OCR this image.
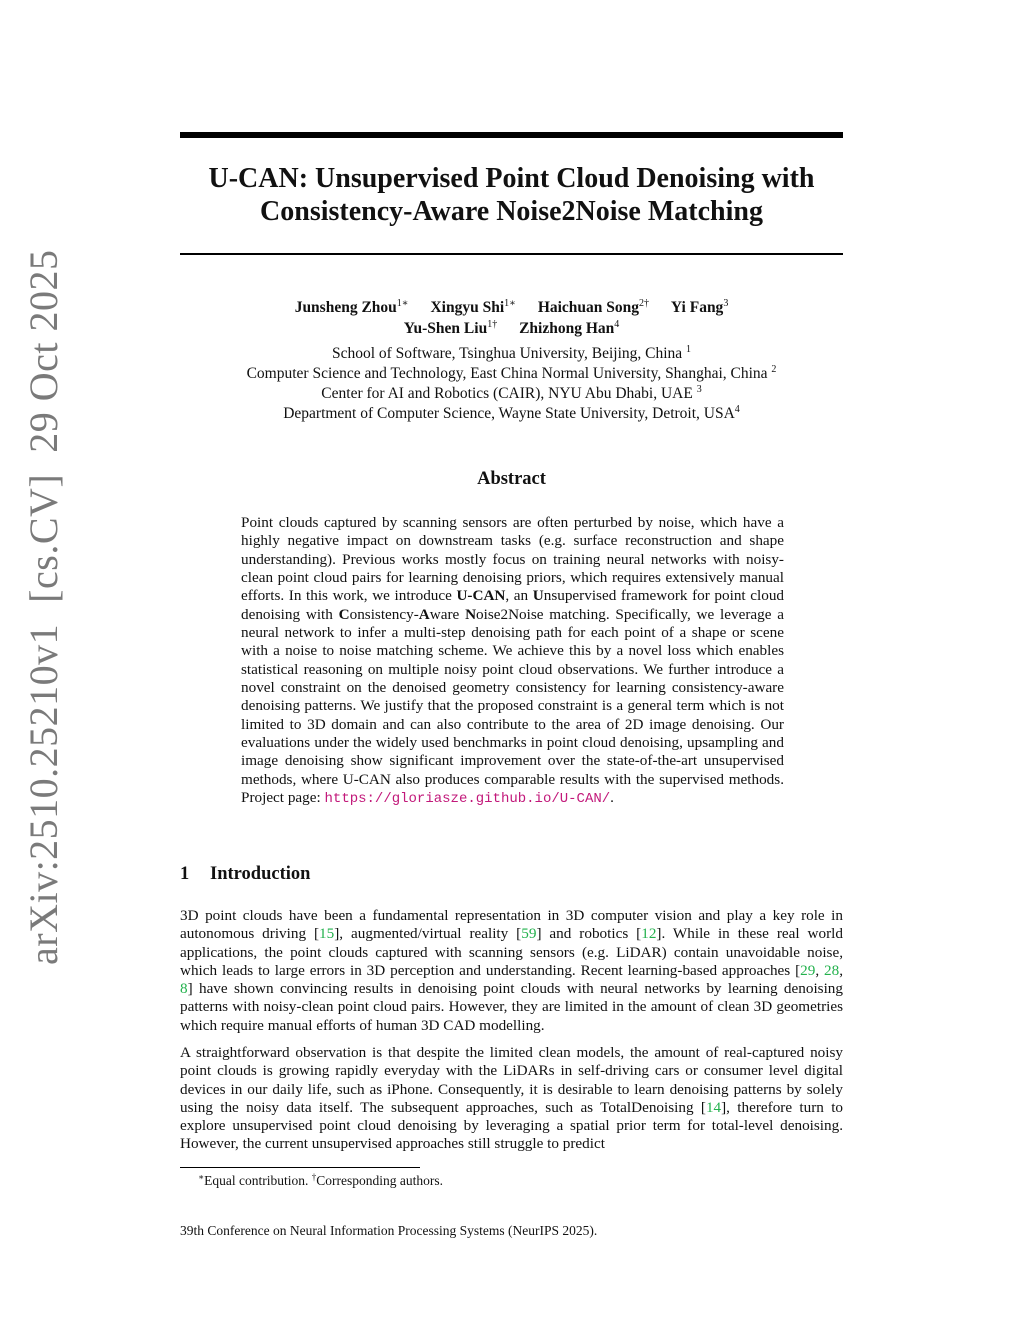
arXiv:2510.25210v1  [cs.CV]  29 Oct 2025
U-CAN: Unsupervised Point Cloud Denoising with
Consistency-Aware Noise2Noise Matching
Junsheng Zhou$^{1∗}$ Xingyu Shi$^{1∗}$ Haichuan Song$^{2\dagger}$ Yi Fang$^3$
Yu-Shen Liu$^{1\dagger}$ Zhizhong Han$^4$
School of Software, Tsinghua University, Beijing, China $^1$
Computer Science and Technology, East China Normal University, Shanghai, China $^2$
Center for AI and Robotics (CAIR), NYU Abu Dhabi, UAE $^3$
Department of Computer Science, Wayne State University, Detroit, USA$^4$
Abstract
Point clouds captured by scanning sensors are often perturbed by noise, which have a highly negative impact on downstream tasks (e.g. surface reconstruction and shape understanding). Previous works mostly focus on training neural networks with noisy-clean point cloud pairs for learning denoising priors, which requires extensively manual efforts. In this work, we introduce U-CAN, an Unsupervised framework for point cloud denoising with Consistency-Aware Noise2Noise matching. Specifically, we leverage a neural network to infer a multi-step denoising path for each point of a shape or scene with a noise to noise matching scheme. We achieve this by a novel loss which enables statistical reasoning on multiple noisy point cloud observations. We further introduce a novel constraint on the denoised geometry consistency for learning consistency-aware denoising patterns. We justify that the proposed constraint is a general term which is not limited to 3D domain and can also contribute to the area of 2D image denoising. Our evaluations under the widely used benchmarks in point cloud denoising, upsampling and image denoising show significant improvement over the state-of-the-art unsupervised methods, where U-CAN also produces comparable results with the supervised methods. Project page: https://gloriasze.github.io/U-CAN/.
1 Introduction
3D point clouds have been a fundamental representation in 3D computer vision and play a key role in autonomous driving [15], augmented/virtual reality [59] and robotics [12]. While in these real world applications, the point clouds captured with scanning sensors (e.g. LiDAR) contain unavoidable noise, which leads to large errors in 3D perception and understanding. Recent learning-based approaches [29, 28, 8] have shown convincing results in denoising point clouds with neural networks by learning denoising patterns with noisy-clean point cloud pairs. However, they are limited in the amount of clean 3D geometries which require manual efforts of human 3D CAD modelling.
A straightforward observation is that despite the limited clean models, the amount of real-captured noisy point clouds is growing rapidly everyday with the LiDARs in self-driving cars or consumer level digital devices in our daily life, such as iPhone. Consequently, it is desirable to learn denoising patterns by solely using the noisy data itself. The subsequent approaches, such as TotalDenoising [14], therefore turn to explore unsupervised point cloud denoising by leveraging a spatial prior term for total-level denoising. However, the current unsupervised approaches still struggle to predict
∗Equal contribution. †Corresponding authors.
39th Conference on Neural Information Processing Systems (NeurIPS 2025).
